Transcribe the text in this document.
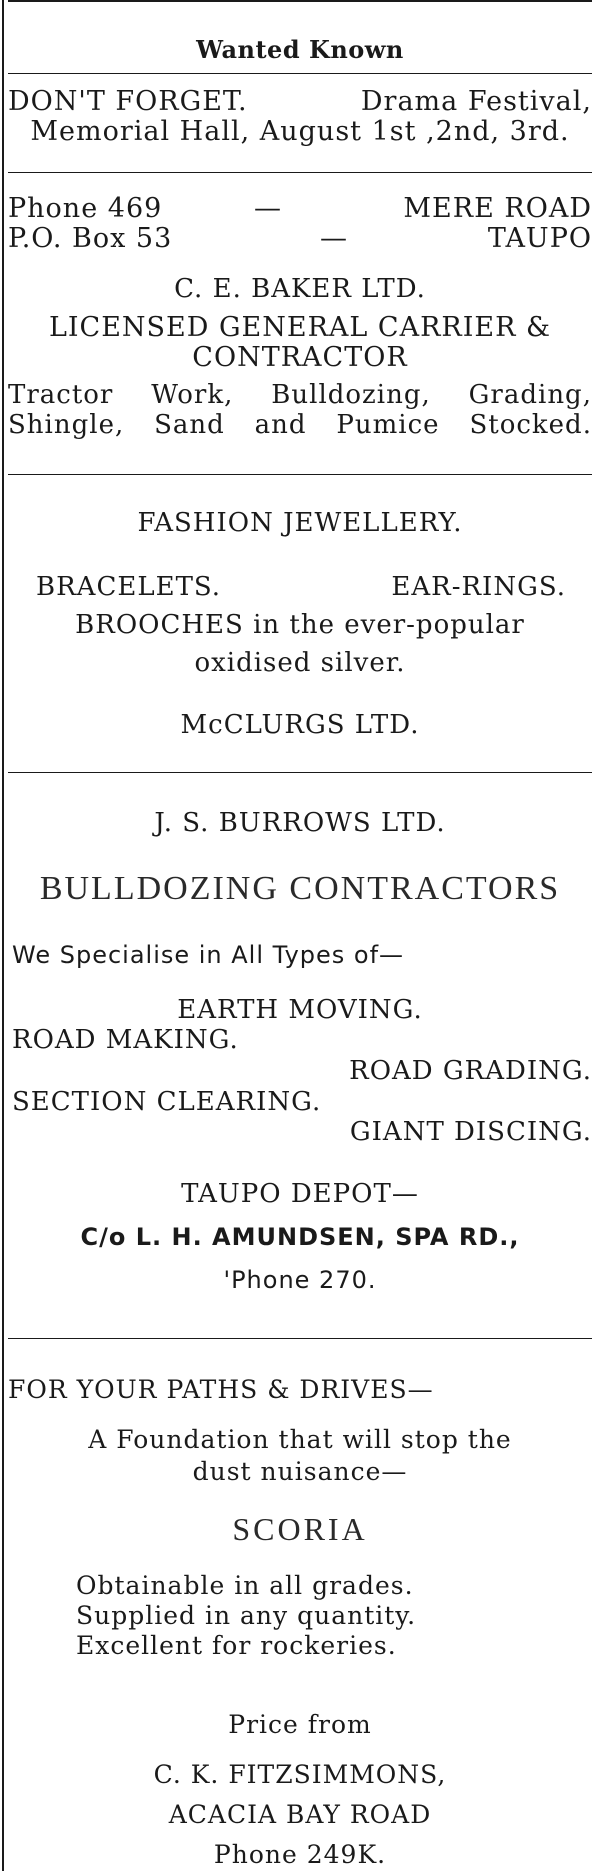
Wanted Known
DON'T FORGET.	Drama Festival,
Memorial Hall, August 1st ,2nd, 3rd.
Phone 469	—	MERE ROAD
P.O. Box 53	—	TAUPO
C. E. BAKER LTD.
LICENSED GENERAL CARRIER &
CONTRACTOR
Tractor Work, Bulldozing, Grading,
Shingle, Sand and Pumice Stocked.
FASHION JEWELLERY.
BRACELETS.	EAR-RINGS.
BROOCHES in the ever-popular
oxidised silver.
McCLURGS LTD.
J. S. BURROWS LTD.
BULLDOZING CONTRACTORS
We Specialise in All Types of—
EARTH MOVING.
ROAD MAKING.
ROAD GRADING.
SECTION CLEARING.
GIANT DISCING.
TAUPO DEPOT—
C/o L. H. AMUNDSEN, SPA RD.,
'Phone 270.
FOR YOUR PATHS & DRIVES—
A Foundation that will stop the
dust nuisance—
SCORIA
Obtainable in all grades.
Supplied in any quantity.
Excellent for rockeries.
Price from
C. K. FITZSIMMONS,
ACACIA BAY ROAD
Phone 249K.
